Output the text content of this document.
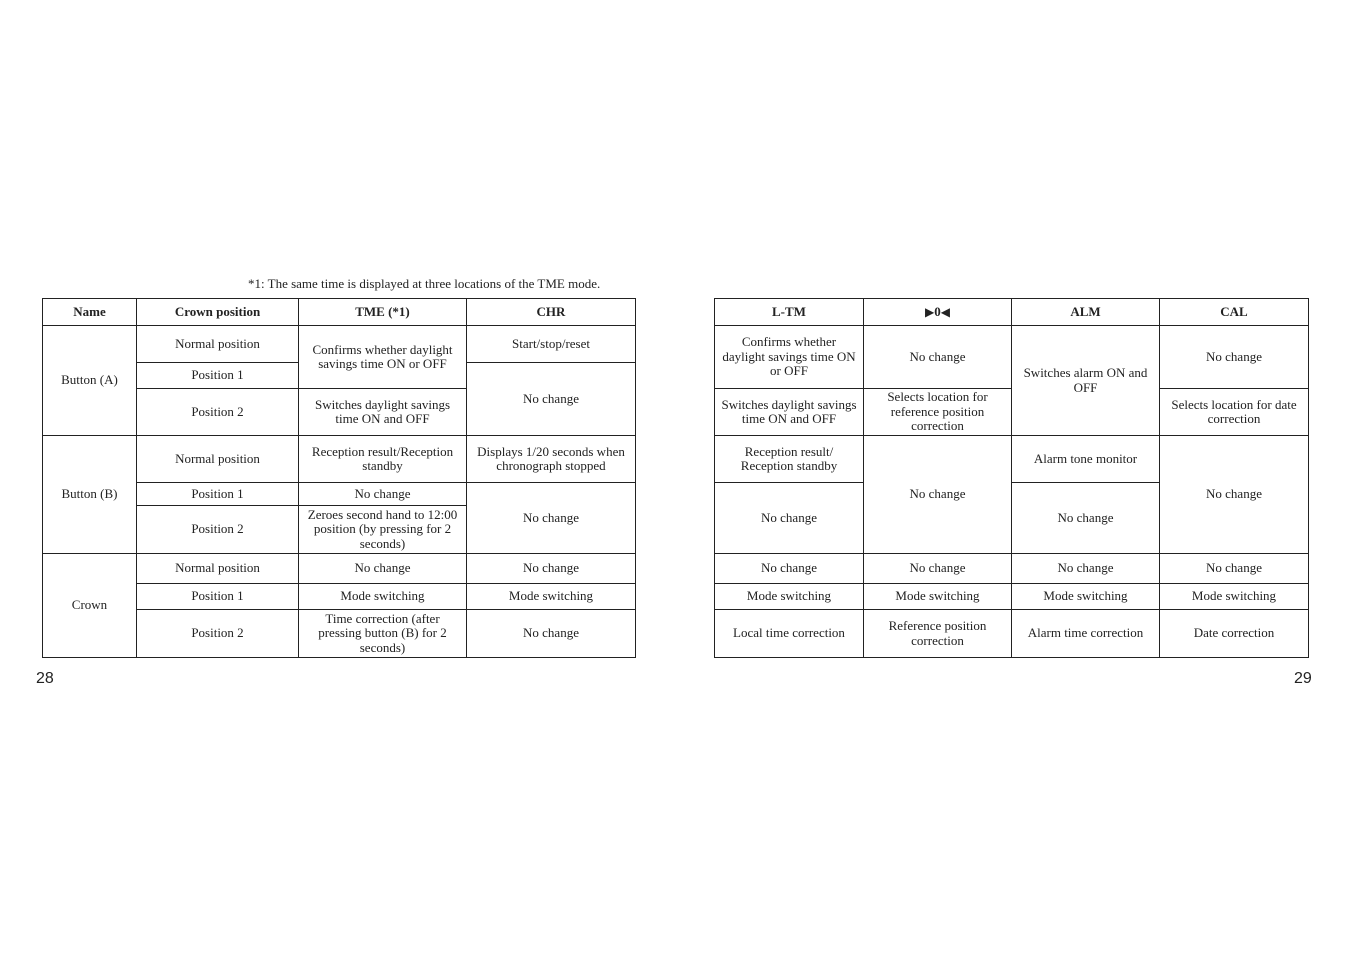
*1: The same time is displayed at three locations of the TME mode.
Name	Crown position	TME (*1)	CHR
Button (A)	Normal position	Confirms whether daylight savings time ON or OFF	Start/stop/reset
	Position 1		No change
	Position 2	Switches daylight savings time ON and OFF	
Button (B)	Normal position	Reception result/Reception standby	Displays 1/20 seconds when chronograph stopped
	Position 1	No change	No change
	Position 2	Zeroes second hand to 12:00 position (by pressing for 2 seconds)	
Crown	Normal position	No change	No change
	Position 1	Mode switching	Mode switching
	Position 2	Time correction (after pressing button (B) for 2 seconds)	No change
L-TM	▶0◀	ALM	CAL
Confirms whether daylight savings time ON or OFF	No change	Switches alarm ON and OFF	No change

Switches daylight savings time ON and OFF	Selects location for reference position correction		Selects location for date correction
Reception result/ Reception standby	No change	Alarm tone monitor	No change
No change		No change	

No change	No change	No change	No change
Mode switching	Mode switching	Mode switching	Mode switching
Local time correction	Reference position correction	Alarm time correction	Date correction
28	29
